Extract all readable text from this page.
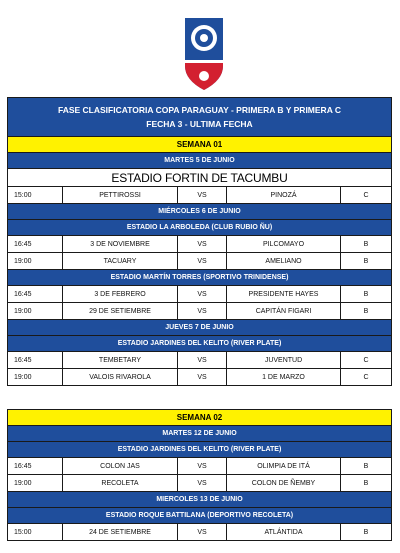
FASE CLASIFICATORIA COPA PARAGUAY - PRIMERA B Y PRIMERA C
FECHA 3 - ULTIMA FECHA				

SEMANA 01				
MARTES 5 DE JUNIO				
ESTADIO FORTIN DE TACUMBU				
15:00	PETTIROSSI	VS	PINOZÁ	C
MIÉRCOLES 6 DE JUNIO				
ESTADIO LA ARBOLEDA (CLUB RUBIO ÑU)				
16:45	3 DE NOVIEMBRE	VS	PILCOMAYO	B
19:00	TACUARY	VS	AMELIANO	B
ESTADIO MARTÍN TORRES (SPORTIVO TRINIDENSE)				
16:45	3 DE FEBRERO	VS	PRESIDENTE HAYES	B
19:00	29 DE SETIEMBRE	VS	CAPITÁN FIGARI	B
JUEVES 7 DE JUNIO				
ESTADIO JARDINES DEL KELITO (RIVER PLATE)				
16:45	TEMBETARY	VS	JUVENTUD	C
19:00	VALOIS RIVAROLA	VS	1 DE MARZO	C
SEMANA 02				
MARTES 12 DE JUNIO				
ESTADIO JARDINES DEL KELITO (RIVER PLATE)				
16:45	COLON JAS	VS	OLIMPIA DE ITÁ	B
19:00	RECOLETA	VS	COLON DE ÑEMBY	B
MIERCOLES 13 DE JUNIO				
ESTADIO ROQUE BATTILANA (DEPORTIVO RECOLETA)				
15:00	24 DE SETIEMBRE	VS	ATLÁNTIDA	B
